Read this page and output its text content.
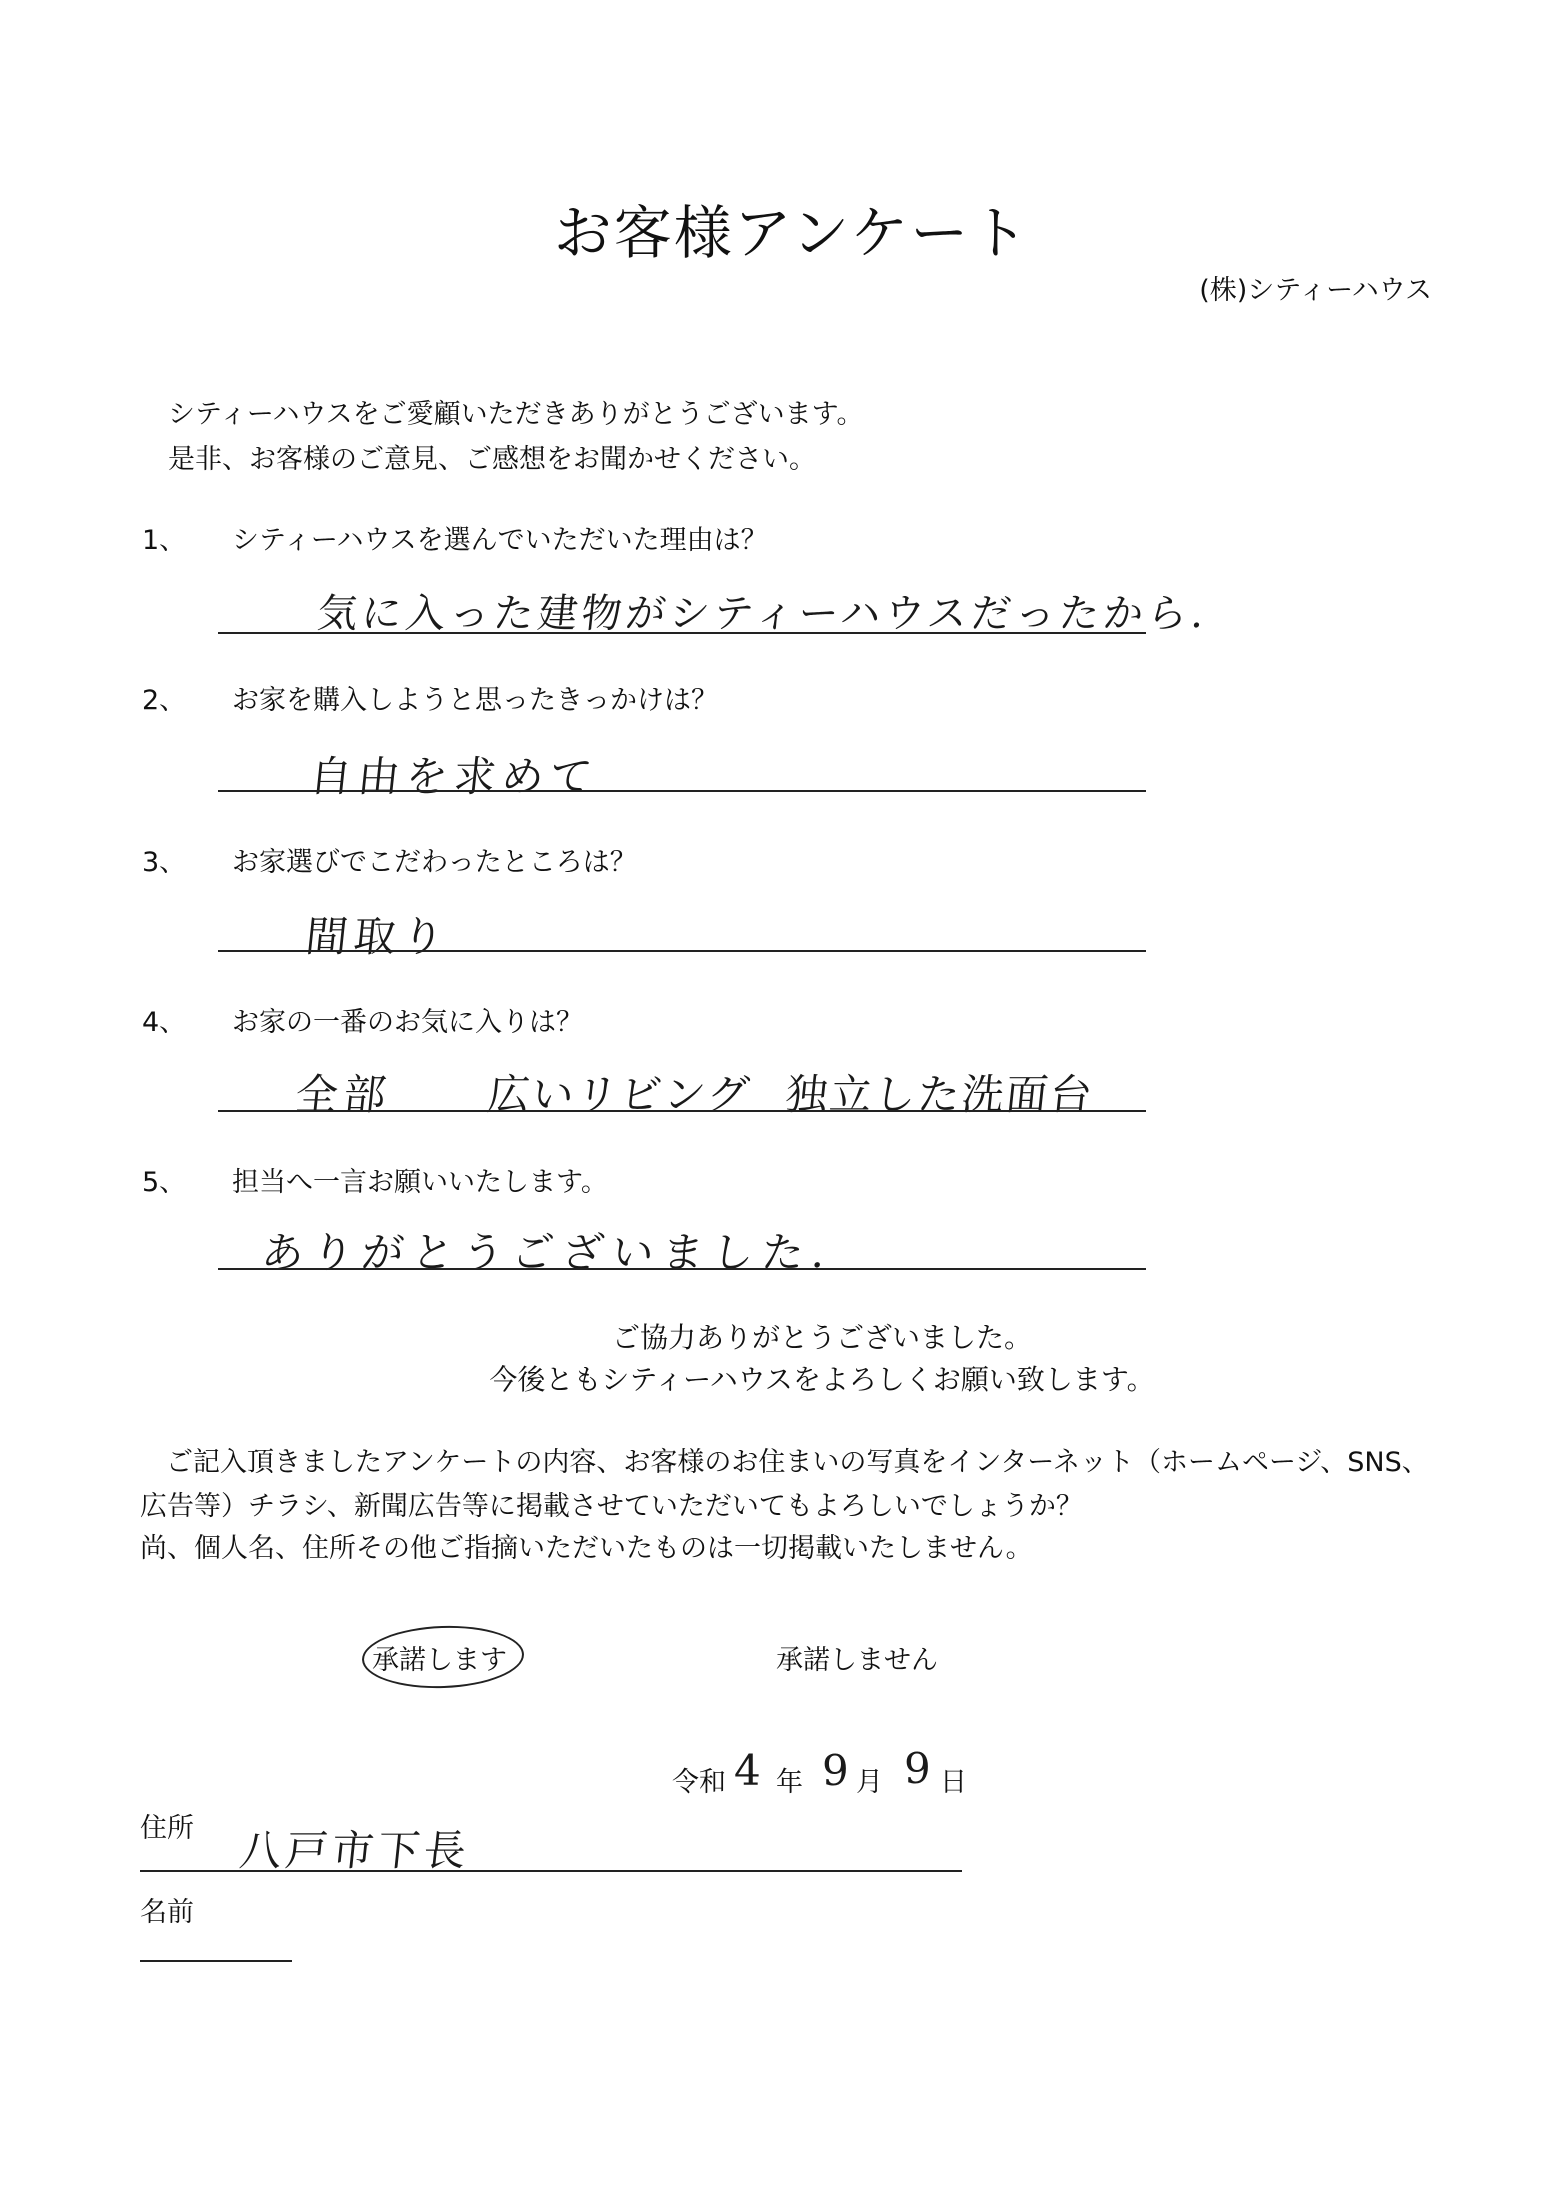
お客様アンケート
(株)シティーハウス
シティーハウスをご愛顧いただきありがとうございます。
是非、お客様のご意見、ご感想をお聞かせください。
1、 シティーハウスを選んでいただいた理由は？
気に入った建物がシティーハウスだったから.
2、 お家を購入しようと思ったきっかけは？
自由を求めて
3、 お家選びでこだわったところは？
間取り
4、 お家の一番のお気に入りは？
全部 広いリビング 独立した洗面台
5、 担当へ一言お願いいたします。
ありがとうございました.
ご協力ありがとうございました。
今後ともシティーハウスをよろしくお願い致します。
ご記入頂きましたアンケートの内容、お客様のお住まいの写真をインターネット（ホームページ、SNS、
広告等）チラシ、新聞広告等に掲載させていただいてもよろしいでしょうか？
尚、個人名、住所その他ご指摘いただいたものは一切掲載いたしません。
承諾します	承諾しません
令和 4 年 9 月 9 日
住所 八戸市下長
名前
